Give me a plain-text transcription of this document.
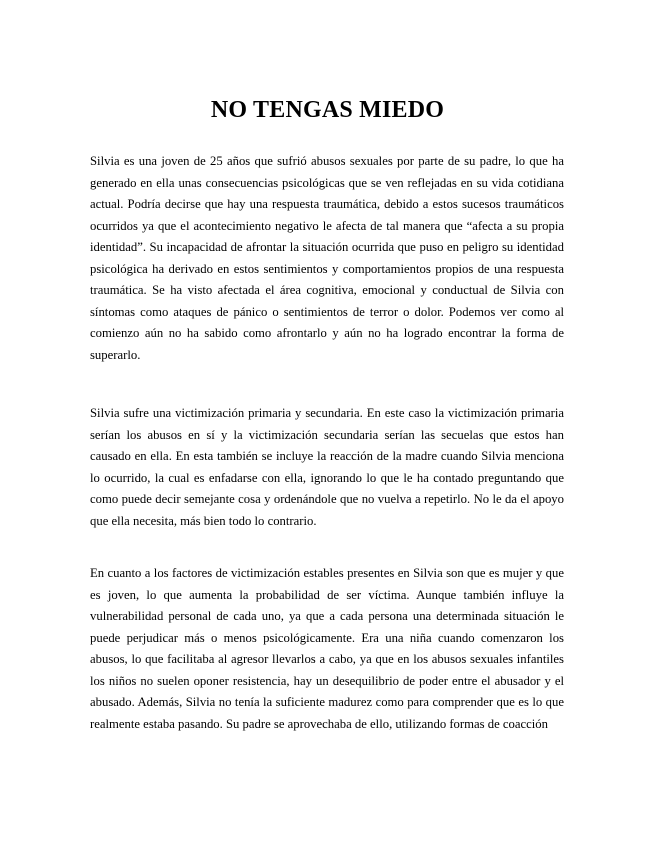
NO TENGAS MIEDO

Silvia es una joven de 25 años que sufrió abusos sexuales por parte de su padre, lo que ha generado en ella unas consecuencias psicológicas que se ven reflejadas en su vida cotidiana actual. Podría decirse que hay una respuesta traumática, debido a estos sucesos traumáticos ocurridos ya que el acontecimiento negativo le afecta de tal manera que “afecta a su propia identidad”. Su incapacidad de afrontar la situación ocurrida que puso en peligro su identidad psicológica ha derivado en estos sentimientos y comportamientos propios de una respuesta traumática. Se ha visto afectada el área cognitiva, emocional y conductual de Silvia con síntomas como ataques de pánico o sentimientos de terror o dolor. Podemos ver como al comienzo aún no ha sabido como afrontarlo y aún no ha logrado encontrar la forma de superarlo.

Silvia sufre una victimización primaria y secundaria. En este caso la victimización primaria serían los abusos en sí y la victimización secundaria serían las secuelas que estos han causado en ella. En esta también se incluye la reacción de la madre cuando Silvia menciona lo ocurrido, la cual es enfadarse con ella, ignorando lo que le ha contado preguntando que como puede decir semejante cosa y ordenándole que no vuelva a repetirlo. No le da el apoyo que ella necesita, más bien todo lo contrario.

En cuanto a los factores de victimización estables presentes en Silvia son que es mujer y que es joven, lo que aumenta la probabilidad de ser víctima. Aunque también influye la vulnerabilidad personal de cada uno, ya que a cada persona una determinada situación le puede perjudicar más o menos psicológicamente. Era una niña cuando comenzaron los abusos, lo que facilitaba al agresor llevarlos a cabo, ya que en los abusos sexuales infantiles los niños no suelen oponer resistencia, hay un desequilibrio de poder entre el abusador y el abusado. Además, Silvia no tenía la suficiente madurez como para comprender que es lo que realmente estaba pasando. Su padre se aprovechaba de ello, utilizando formas de coacción
